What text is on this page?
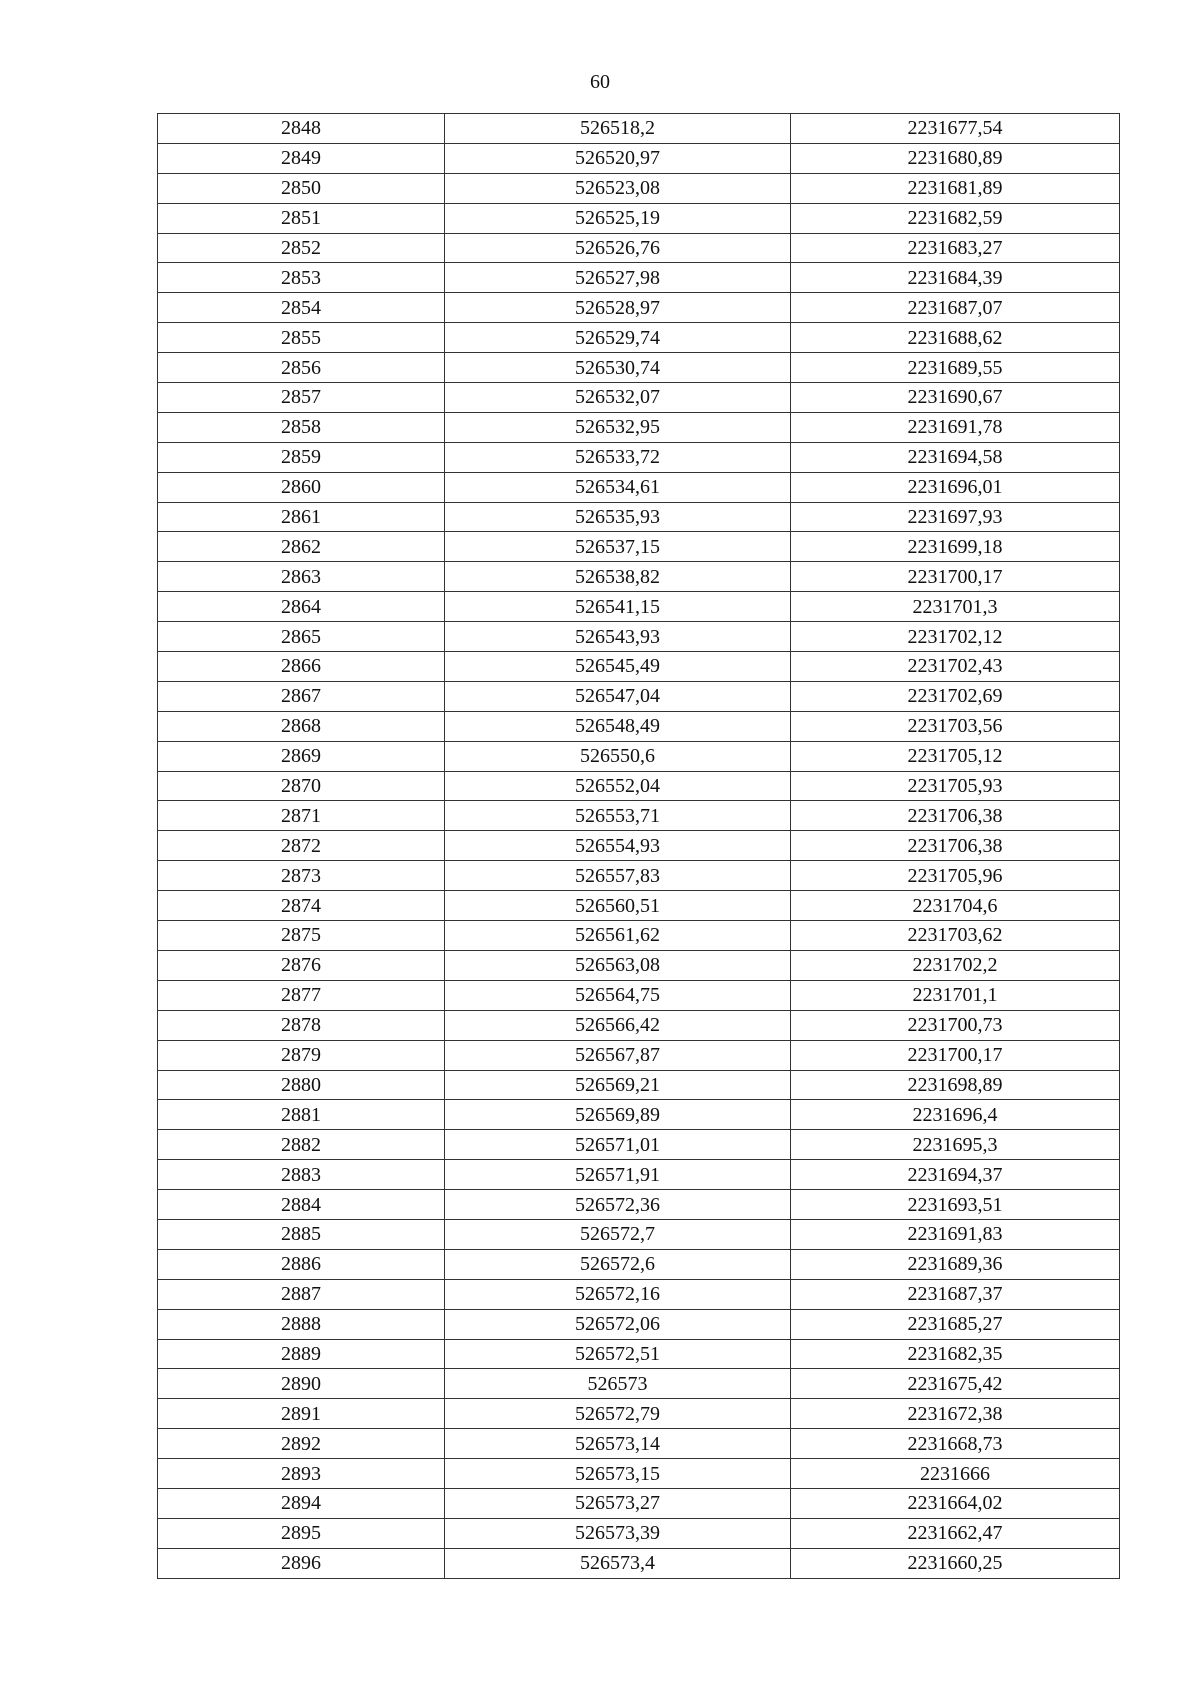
60
2848	526518,2	2231677,54
2849	526520,97	2231680,89
2850	526523,08	2231681,89
2851	526525,19	2231682,59
2852	526526,76	2231683,27
2853	526527,98	2231684,39
2854	526528,97	2231687,07
2855	526529,74	2231688,62
2856	526530,74	2231689,55
2857	526532,07	2231690,67
2858	526532,95	2231691,78
2859	526533,72	2231694,58
2860	526534,61	2231696,01
2861	526535,93	2231697,93
2862	526537,15	2231699,18
2863	526538,82	2231700,17
2864	526541,15	2231701,3
2865	526543,93	2231702,12
2866	526545,49	2231702,43
2867	526547,04	2231702,69
2868	526548,49	2231703,56
2869	526550,6	2231705,12
2870	526552,04	2231705,93
2871	526553,71	2231706,38
2872	526554,93	2231706,38
2873	526557,83	2231705,96
2874	526560,51	2231704,6
2875	526561,62	2231703,62
2876	526563,08	2231702,2
2877	526564,75	2231701,1
2878	526566,42	2231700,73
2879	526567,87	2231700,17
2880	526569,21	2231698,89
2881	526569,89	2231696,4
2882	526571,01	2231695,3
2883	526571,91	2231694,37
2884	526572,36	2231693,51
2885	526572,7	2231691,83
2886	526572,6	2231689,36
2887	526572,16	2231687,37
2888	526572,06	2231685,27
2889	526572,51	2231682,35
2890	526573	2231675,42
2891	526572,79	2231672,38
2892	526573,14	2231668,73
2893	526573,15	2231666
2894	526573,27	2231664,02
2895	526573,39	2231662,47
2896	526573,4	2231660,25
